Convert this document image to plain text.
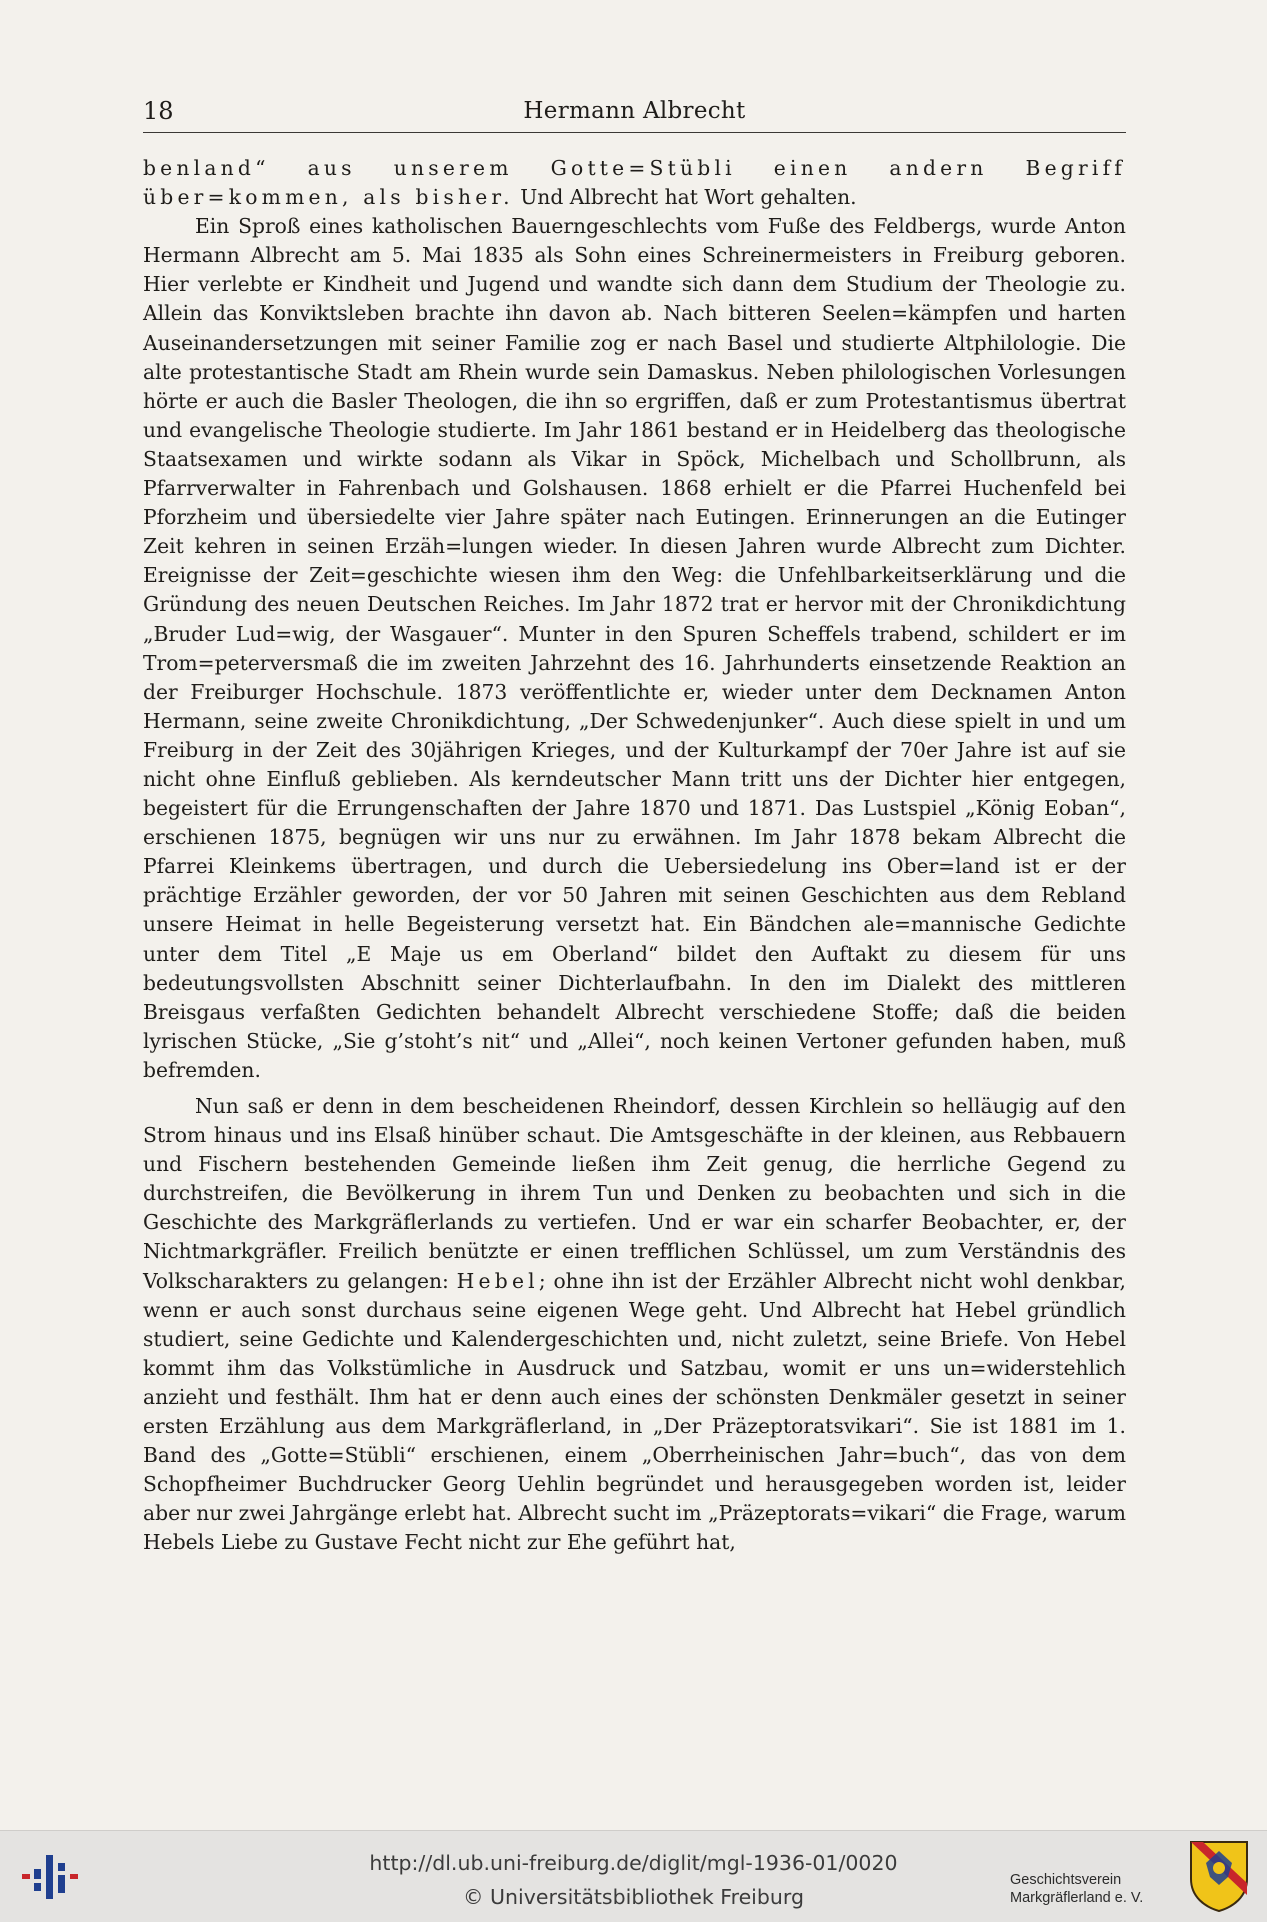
18	Hermann Albrecht

benland“ aus unserem Gotte=Stübli einen andern Begriff über=kommen, als bisher. Und Albrecht hat Wort gehalten.

Ein Sproß eines katholischen Bauerngeschlechts vom Fuße des Feldbergs, wurde Anton Hermann Albrecht am 5. Mai 1835 als Sohn eines Schreinermeisters in Freiburg geboren. Hier verlebte er Kindheit und Jugend und wandte sich dann dem Studium der Theologie zu. Allein das Konviktsleben brachte ihn davon ab. Nach bitteren Seelen=kämpfen und harten Auseinandersetzungen mit seiner Familie zog er nach Basel und studierte Altphilologie. Die alte protestantische Stadt am Rhein wurde sein Damaskus. Neben philologischen Vorlesungen hörte er auch die Basler Theologen, die ihn so ergriffen, daß er zum Protestantismus übertrat und evangelische Theologie studierte. Im Jahr 1861 bestand er in Heidelberg das theologische Staatsexamen und wirkte sodann als Vikar in Spöck, Michelbach und Schollbrunn, als Pfarrverwalter in Fahrenbach und Golshausen. 1868 erhielt er die Pfarrei Huchenfeld bei Pforzheim und übersiedelte vier Jahre später nach Eutingen. Erinnerungen an die Eutinger Zeit kehren in seinen Erzäh=lungen wieder. In diesen Jahren wurde Albrecht zum Dichter. Ereignisse der Zeit=geschichte wiesen ihm den Weg: die Unfehlbarkeitserklärung und die Gründung des neuen Deutschen Reiches. Im Jahr 1872 trat er hervor mit der Chronikdichtung „Bruder Lud=wig, der Wasgauer“. Munter in den Spuren Scheffels trabend, schildert er im Trom=peterversmaß die im zweiten Jahrzehnt des 16. Jahrhunderts einsetzende Reaktion an der Freiburger Hochschule. 1873 veröffentlichte er, wieder unter dem Decknamen Anton Hermann, seine zweite Chronikdichtung, „Der Schwedenjunker“. Auch diese spielt in und um Freiburg in der Zeit des 30jährigen Krieges, und der Kulturkampf der 70er Jahre ist auf sie nicht ohne Einfluß geblieben. Als kerndeutscher Mann tritt uns der Dichter hier entgegen, begeistert für die Errungenschaften der Jahre 1870 und 1871. Das Lustspiel „König Eoban“, erschienen 1875, begnügen wir uns nur zu erwähnen. Im Jahr 1878 bekam Albrecht die Pfarrei Kleinkems übertragen, und durch die Uebersiedelung ins Ober=land ist er der prächtige Erzähler geworden, der vor 50 Jahren mit seinen Geschichten aus dem Rebland unsere Heimat in helle Begeisterung versetzt hat. Ein Bändchen ale=mannische Gedichte unter dem Titel „E Maje us em Oberland“ bildet den Auftakt zu diesem für uns bedeutungsvollsten Abschnitt seiner Dichterlaufbahn. In den im Dialekt des mittleren Breisgaus verfaßten Gedichten behandelt Albrecht verschiedene Stoffe; daß die beiden lyrischen Stücke, „Sie g’stoht’s nit“ und „Allei“, noch keinen Vertoner gefunden haben, muß befremden.

Nun saß er denn in dem bescheidenen Rheindorf, dessen Kirchlein so helläugig auf den Strom hinaus und ins Elsaß hinüber schaut. Die Amtsgeschäfte in der kleinen, aus Rebbauern und Fischern bestehenden Gemeinde ließen ihm Zeit genug, die herrliche Gegend zu durchstreifen, die Bevölkerung in ihrem Tun und Denken zu beobachten und sich in die Geschichte des Markgräflerlands zu vertiefen. Und er war ein scharfer Beobachter, er, der Nichtmarkgräfler. Freilich benützte er einen trefflichen Schlüssel, um zum Verständnis des Volkscharakters zu gelangen: Hebel; ohne ihn ist der Erzähler Albrecht nicht wohl denkbar, wenn er auch sonst durchaus seine eigenen Wege geht. Und Albrecht hat Hebel gründlich studiert, seine Gedichte und Kalendergeschichten und, nicht zuletzt, seine Briefe. Von Hebel kommt ihm das Volkstümliche in Ausdruck und Satzbau, womit er uns un=widerstehlich anzieht und festhält. Ihm hat er denn auch eines der schönsten Denkmäler gesetzt in seiner ersten Erzählung aus dem Markgräflerland, in „Der Präzeptoratsvikari“. Sie ist 1881 im 1. Band des „Gotte=Stübli“ erschienen, einem „Oberrheinischen Jahr=buch“, das von dem Schopfheimer Buchdrucker Georg Uehlin begründet und herausgegeben worden ist, leider aber nur zwei Jahrgänge erlebt hat. Albrecht sucht im „Präzeptorats=vikari“ die Frage, warum Hebels Liebe zu Gustave Fecht nicht zur Ehe geführt hat,

http://dl.ub.uni-freiburg.de/diglit/mgl-1936-01/0020
© Universitätsbibliothek Freiburg
Geschichtsverein
Markgräflerland e. V.
